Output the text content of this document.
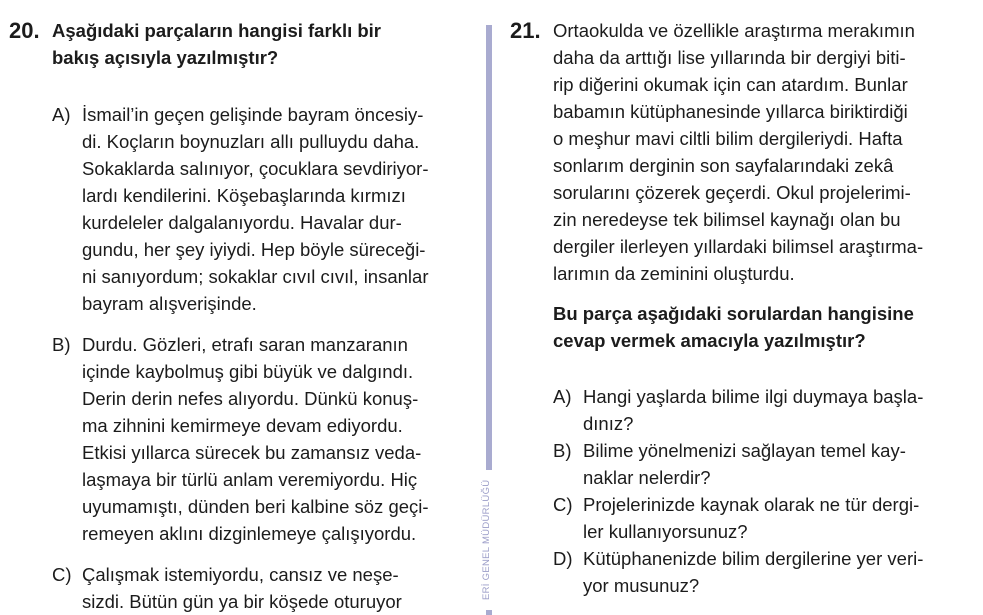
20. Aşağıdaki parçaların hangisi farklı bir
bakış açısıyla yazılmıştır?
A) İsmail’in geçen gelişinde bayram öncesiy-
di. Koçların boynuzları allı pulluydu daha.
Sokaklarda salınıyor, çocuklara sevdiriyor-
lardı kendilerini. Köşebaşlarında kırmızı
kurdeleler dalgalanıyordu. Havalar dur-
gundu, her şey iyiydi. Hep böyle süreceği-
ni sanıyordum; sokaklar cıvıl cıvıl, insanlar
bayram alışverişinde.
B) Durdu. Gözleri, etrafı saran manzaranın
içinde kaybolmuş gibi büyük ve dalgındı.
Derin derin nefes alıyordu. Dünkü konuş-
ma zihnini kemirmeye devam ediyordu.
Etkisi yıllarca sürecek bu zamansız veda-
laşmaya bir türlü anlam veremiyordu. Hiç
uyumamıştı, dünden beri kalbine söz geçi-
remeyen aklını dizginlemeye çalışıyordu.
C) Çalışmak istemiyordu, cansız ve neşe-
sizdi. Bütün gün ya bir köşede oturuyor
ERİ GENEL MÜDÜRLÜĞÜ
21. Ortaokulda ve özellikle araştırma merakımın
daha da arttığı lise yıllarında bir dergiyi biti-
rip diğerini okumak için can atardım. Bunlar
babamın kütüphanesinde yıllarca biriktirdiği
o meşhur mavi ciltli bilim dergileriydi. Hafta
sonlarım derginin son sayfalarındaki zekâ
sorularını çözerek geçerdi. Okul projelerimi-
zin neredeyse tek bilimsel kaynağı olan bu
dergiler ilerleyen yıllardaki bilimsel araştırma-
larımın da zeminini oluşturdu.
Bu parça aşağıdaki sorulardan hangisine
cevap vermek amacıyla yazılmıştır?
A) Hangi yaşlarda bilime ilgi duymaya başla-
dınız?
B) Bilime yönelmenizi sağlayan temel kay-
naklar nelerdir?
C) Projelerinizde kaynak olarak ne tür dergi-
ler kullanıyorsunuz?
D) Kütüphanenizde bilim dergilerine yer veri-
yor musunuz?
